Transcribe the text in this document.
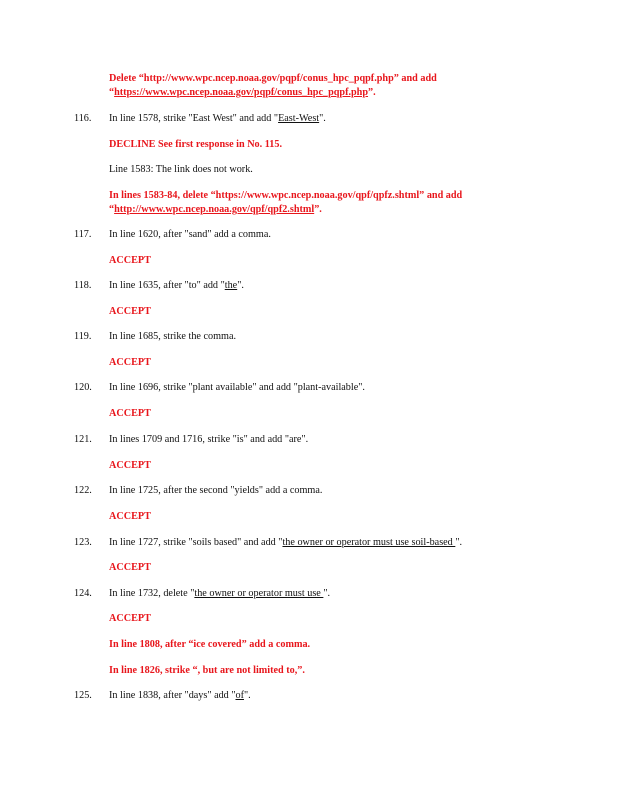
Delete “http://www.wpc.ncep.noaa.gov/pqpf/conus_hpc_pqpf.php” and add
“https://www.wpc.ncep.noaa.gov/pqpf/conus_hpc_pqpf.php”.
116. In line 1578, strike "East West" and add "East-West".
DECLINE See first response in No. 115.
Line 1583: The link does not work.
In lines 1583-84, delete “https://www.wpc.ncep.noaa.gov/qpf/qpfz.shtml” and add
“http://www.wpc.ncep.noaa.gov/qpf/qpf2.shtml”.
117. In line 1620, after "sand" add a comma.
ACCEPT
118. In line 1635, after "to" add "the".
ACCEPT
119. In line 1685, strike the comma.
ACCEPT
120. In line 1696, strike "plant available" and add "plant-available".
ACCEPT
121. In lines 1709 and 1716, strike "is" and add "are".
ACCEPT
122. In line 1725, after the second "yields" add a comma.
ACCEPT
123. In line 1727, strike "soils based" and add "the owner or operator must use soil-based ".
ACCEPT
124. In line 1732, delete "the owner or operator must use ".
ACCEPT
In line 1808, after “ice covered” add a comma.
In line 1826, strike “, but are not limited to,”.
125. In line 1838, after "days" add "of".
